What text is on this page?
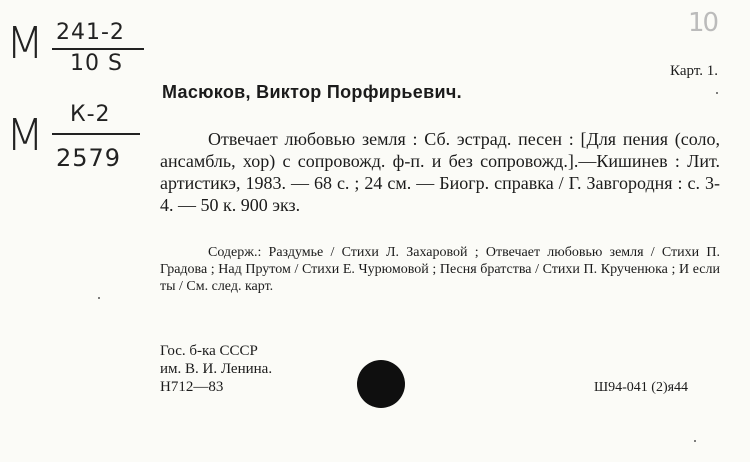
М 241-2
10 S
М К-2
2579
10
Карт. 1.
Масюков, Виктор Порфирьевич.
Отвечает любовью земля : Сб. эстрад. песен : [Для пения (соло, ансамбль, хор) с сопровожд. ф-п. и без сопровожд.].—Кишинев : Лит. артистикэ, 1983. — 68 с. ; 24 см. — Биогр. справка / Г. Завгородня : с. 3-4. — 50 к. 900 экз.
Содерж.: Раздумье / Стихи Л. Захаровой ; Отвечает любовью земля / Стихи П. Градова ; Над Прутом / Стихи Е. Чурюмовой ; Песня братства / Стихи П. Крученюка ; И если ты / См. след. карт.
Гос. б-ка СССР
им. В. И. Ленина.
Н712—83	Ш94-041 (2)я44
